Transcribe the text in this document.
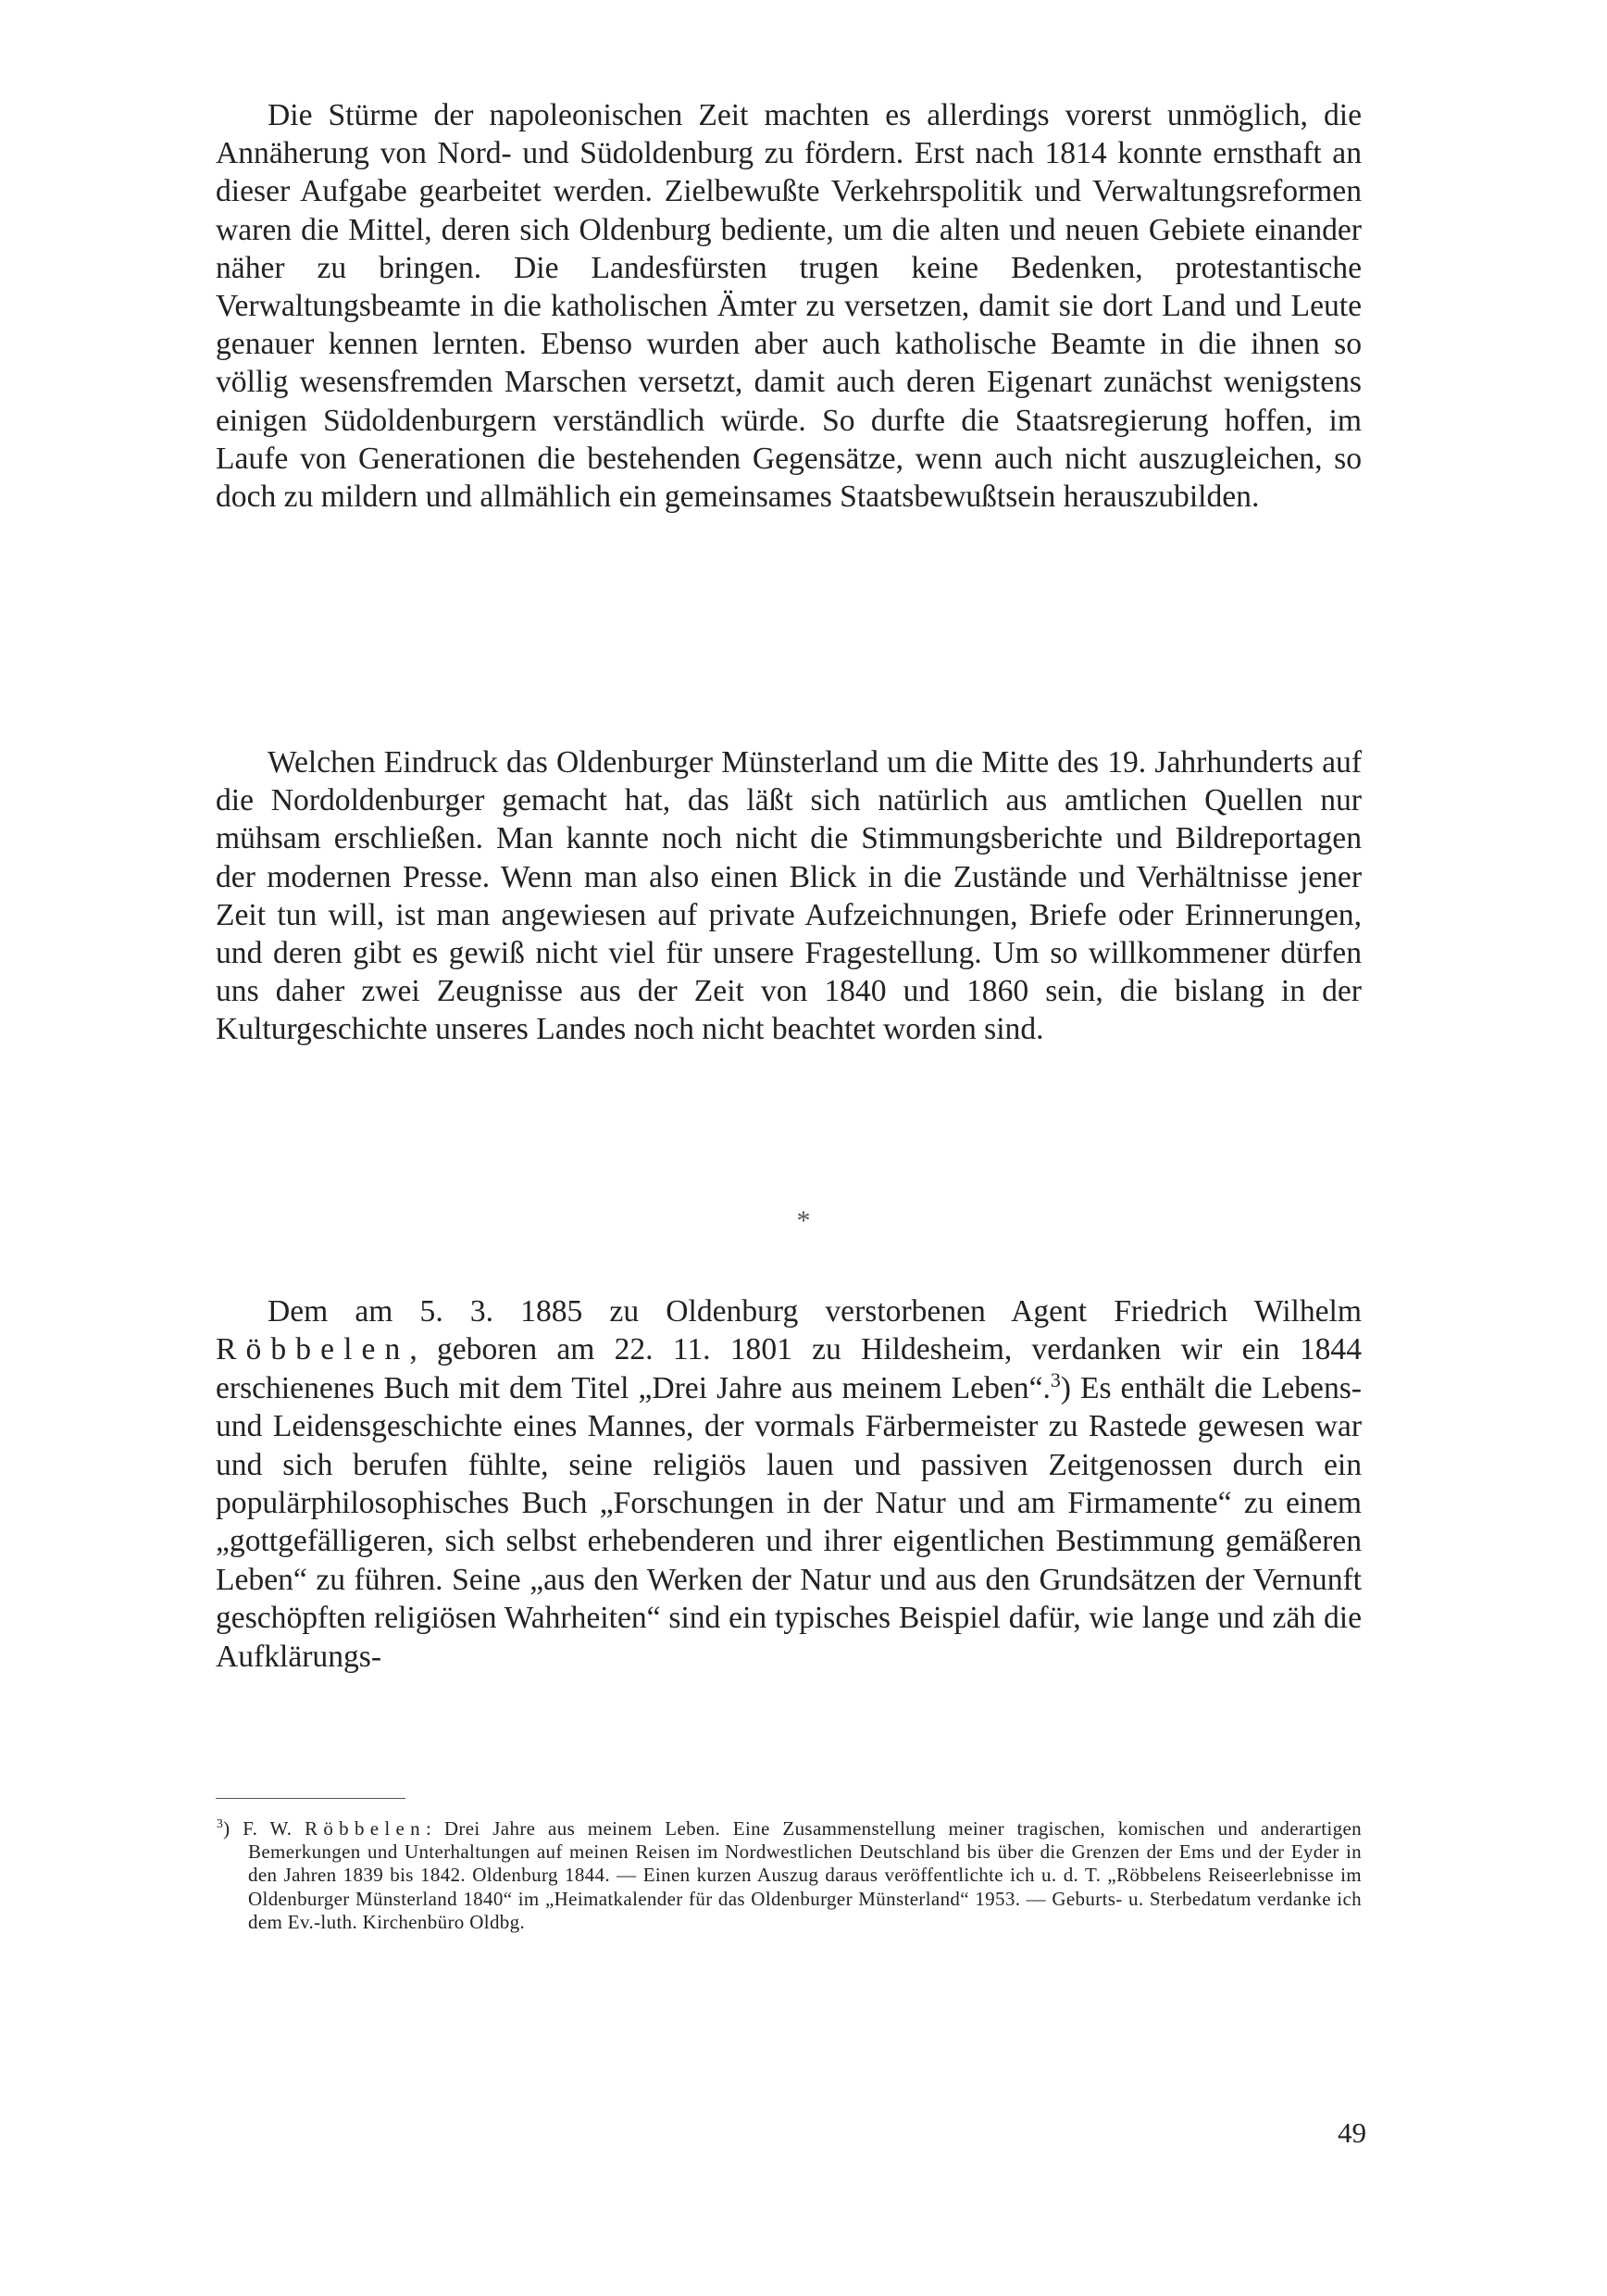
Die Stürme der napoleonischen Zeit machten es allerdings vorerst unmöglich, die Annäherung von Nord- und Südoldenburg zu fördern. Erst nach 1814 konnte ernsthaft an dieser Aufgabe gearbeitet werden. Zielbewußte Verkehrspolitik und Verwaltungsreformen waren die Mittel, deren sich Oldenburg bediente, um die alten und neuen Gebiete einander näher zu bringen. Die Landesfürsten trugen keine Bedenken, protestantische Verwaltungsbeamte in die katholischen Ämter zu versetzen, damit sie dort Land und Leute genauer kennen lernten. Ebenso wurden aber auch katholische Beamte in die ihnen so völlig wesensfremden Marschen versetzt, damit auch deren Eigenart zunächst wenigstens einigen Südoldenburgern verständlich würde. So durfte die Staatsregierung hoffen, im Laufe von Generationen die bestehenden Gegensätze, wenn auch nicht auszugleichen, so doch zu mildern und allmählich ein gemeinsames Staatsbewußtsein herauszubilden.

Welchen Eindruck das Oldenburger Münsterland um die Mitte des 19. Jahrhunderts auf die Nordoldenburger gemacht hat, das läßt sich natürlich aus amtlichen Quellen nur mühsam erschließen. Man kannte noch nicht die Stimmungsberichte und Bildreportagen der modernen Presse. Wenn man also einen Blick in die Zustände und Verhältnisse jener Zeit tun will, ist man angewiesen auf private Aufzeichnungen, Briefe oder Erinnerungen, und deren gibt es gewiß nicht viel für unsere Fragestellung. Um so willkommener dürfen uns daher zwei Zeugnisse aus der Zeit von 1840 und 1860 sein, die bislang in der Kulturgeschichte unseres Landes noch nicht beachtet worden sind.

*

Dem am 5. 3. 1885 zu Oldenburg verstorbenen Agent Friedrich Wilhelm Röbbelen, geboren am 22. 11. 1801 zu Hildesheim, verdanken wir ein 1844 erschienenes Buch mit dem Titel „Drei Jahre aus meinem Leben“.$^3$) Es enthält die Lebens- und Leidensgeschichte eines Mannes, der vormals Färbermeister zu Rastede gewesen war und sich berufen fühlte, seine religiös lauen und passiven Zeitgenossen durch ein populärphilosophisches Buch „Forschungen in der Natur und am Firmamente“ zu einem „gottgefälligeren, sich selbst erhebenderen und ihrer eigentlichen Bestimmung gemäßeren Leben“ zu führen. Seine „aus den Werken der Natur und aus den Grundsätzen der Vernunft geschöpften religiösen Wahrheiten“ sind ein typisches Beispiel dafür, wie lange und zäh die Aufklärungs-

$^3$) F. W. Röbbelen: Drei Jahre aus meinem Leben. Eine Zusammenstellung meiner tragischen, komischen und anderartigen Bemerkungen und Unterhaltungen auf meinen Reisen im Nordwestlichen Deutschland bis über die Grenzen der Ems und der Eyder in den Jahren 1839 bis 1842. Oldenburg 1844. — Einen kurzen Auszug daraus veröffentlichte ich u. d. T. „Röbbelens Reiseerlebnisse im Oldenburger Münsterland 1840“ im „Heimatkalender für das Oldenburger Münsterland“ 1953. — Geburts- u. Sterbedatum verdanke ich dem Ev.-luth. Kirchenbüro Oldbg.

49
